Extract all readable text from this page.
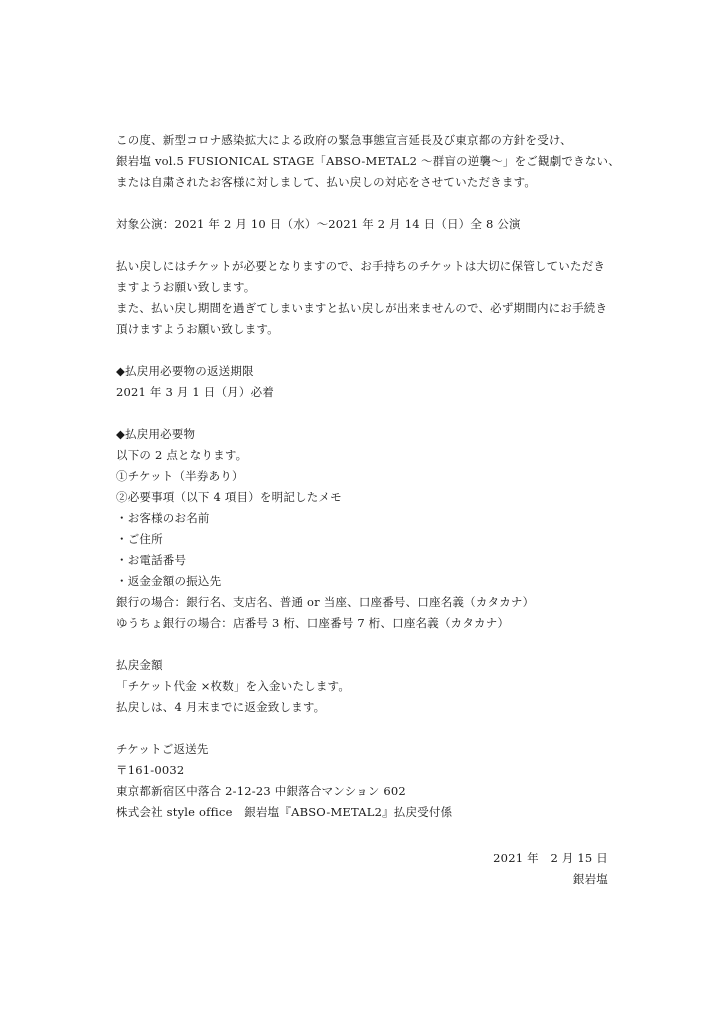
この度、新型コロナ感染拡大による政府の緊急事態宣言延長及び東京都の方針を受け、
銀岩塩 vol.5 FUSIONICAL STAGE「ABSO-METAL2 ～群盲の逆襲～」をご観劇できない、
または自粛されたお客様に対しまして、払い戻しの対応をさせていただきます。
対象公演：2021 年 2 月 10 日（水）～2021 年 2 月 14 日（日）全 8 公演
払い戻しにはチケットが必要となりますので、お手持ちのチケットは大切に保管していただき
ますようお願い致します。
また、払い戻し期間を過ぎてしまいますと払い戻しが出来ませんので、必ず期間内にお手続き
頂けますようお願い致します。
◆払戻用必要物の返送期限
2021 年 3 月 1 日（月）必着
◆払戻用必要物
以下の 2 点となります。
①チケット（半券あり）
②必要事項（以下 4 項目）を明記したメモ
・お客様のお名前
・ご住所
・お電話番号
・返金金額の振込先
銀行の場合：銀行名、支店名、普通 or 当座、口座番号、口座名義（カタカナ）
ゆうちょ銀行の場合：店番号 3 桁、口座番号 7 桁、口座名義（カタカナ）
払戻金額
「チケット代金 ×枚数」を入金いたします。
払戻しは、4 月末までに返金致します。
チケットご返送先
〒161-0032
東京都新宿区中落合 2-12-23 中銀落合マンション 602
株式会社 style office　銀岩塩『ABSO-METAL2』払戻受付係
2021 年　2 月 15 日
銀岩塩
